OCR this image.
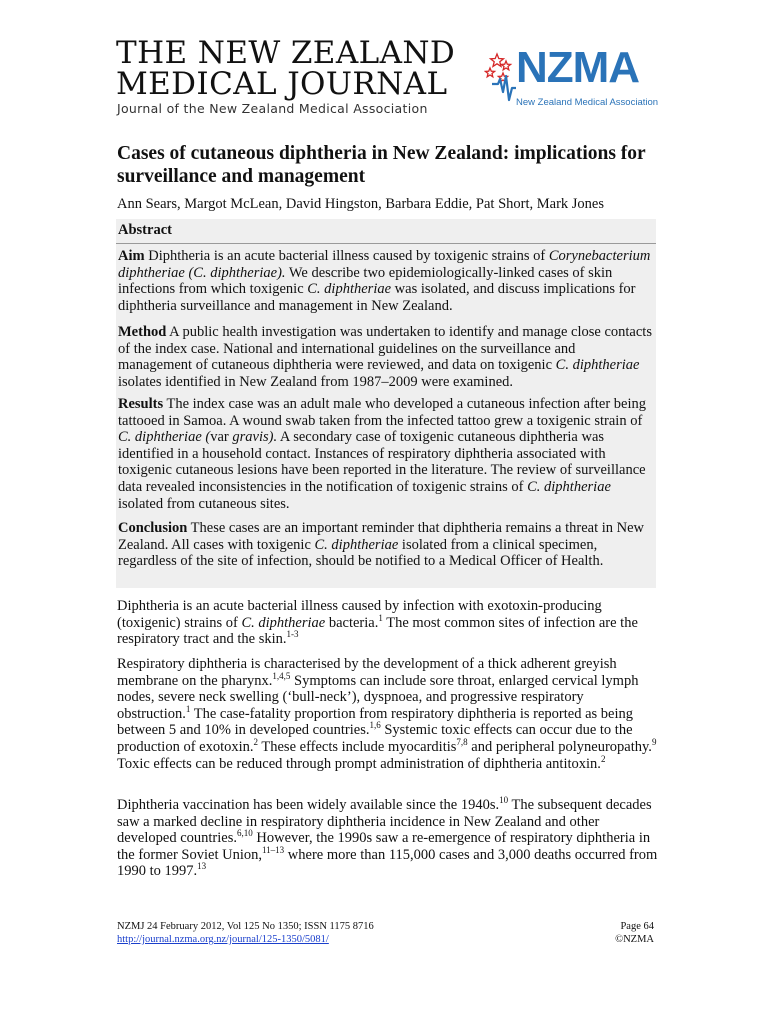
THE NEW ZEALAND
MEDICAL JOURNAL
Journal of the New Zealand Medical Association
NZMA
New Zealand Medical Association
Cases of cutaneous diphtheria in New Zealand: implications for surveillance and management
Ann Sears, Margot McLean, David Hingston, Barbara Eddie, Pat Short, Mark Jones
Abstract
Aim Diphtheria is an acute bacterial illness caused by toxigenic strains of Corynebacterium diphtheriae (C. diphtheriae). We describe two epidemiologically-linked cases of skin infections from which toxigenic C. diphtheriae was isolated, and discuss implications for diphtheria surveillance and management in New Zealand.
Method A public health investigation was undertaken to identify and manage close contacts of the index case. National and international guidelines on the surveillance and management of cutaneous diphtheria were reviewed, and data on toxigenic C. diphtheriae isolates identified in New Zealand from 1987–2009 were examined.
Results The index case was an adult male who developed a cutaneous infection after being tattooed in Samoa. A wound swab taken from the infected tattoo grew a toxigenic strain of C. diphtheriae (var gravis). A secondary case of toxigenic cutaneous diphtheria was identified in a household contact. Instances of respiratory diphtheria associated with toxigenic cutaneous lesions have been reported in the literature. The review of surveillance data revealed inconsistencies in the notification of toxigenic strains of C. diphtheriae isolated from cutaneous sites.
Conclusion These cases are an important reminder that diphtheria remains a threat in New Zealand. All cases with toxigenic C. diphtheriae isolated from a clinical specimen, regardless of the site of infection, should be notified to a Medical Officer of Health.
Diphtheria is an acute bacterial illness caused by infection with exotoxin-producing (toxigenic) strains of C. diphtheriae bacteria.$^1$ The most common sites of infection are the respiratory tract and the skin.$^{1-3}$
Respiratory diphtheria is characterised by the development of a thick adherent greyish membrane on the pharynx.$^{1,4,5}$ Symptoms can include sore throat, enlarged cervical lymph nodes, severe neck swelling (‘bull-neck’), dyspnoea, and progressive respiratory obstruction.$^1$ The case-fatality proportion from respiratory diphtheria is reported as being between 5 and 10% in developed countries.$^{1,6}$ Systemic toxic effects can occur due to the production of exotoxin.$^2$ These effects include myocarditis$^{7,8}$ and peripheral polyneuropathy.$^9$ Toxic effects can be reduced through prompt administration of diphtheria antitoxin.$^2$
Diphtheria vaccination has been widely available since the 1940s.$^{10}$ The subsequent decades saw a marked decline in respiratory diphtheria incidence in New Zealand and other developed countries.$^{6,10}$ However, the 1990s saw a re-emergence of respiratory diphtheria in the former Soviet Union,$^{11-13}$ where more than 115,000 cases and 3,000 deaths occurred from 1990 to 1997.13
NZMJ 24 February 2012, Vol 125 No 1350; ISSN 1175 8716
http://journal.nzma.org.nz/journal/125-1350/5081/
Page 64
©NZMA
